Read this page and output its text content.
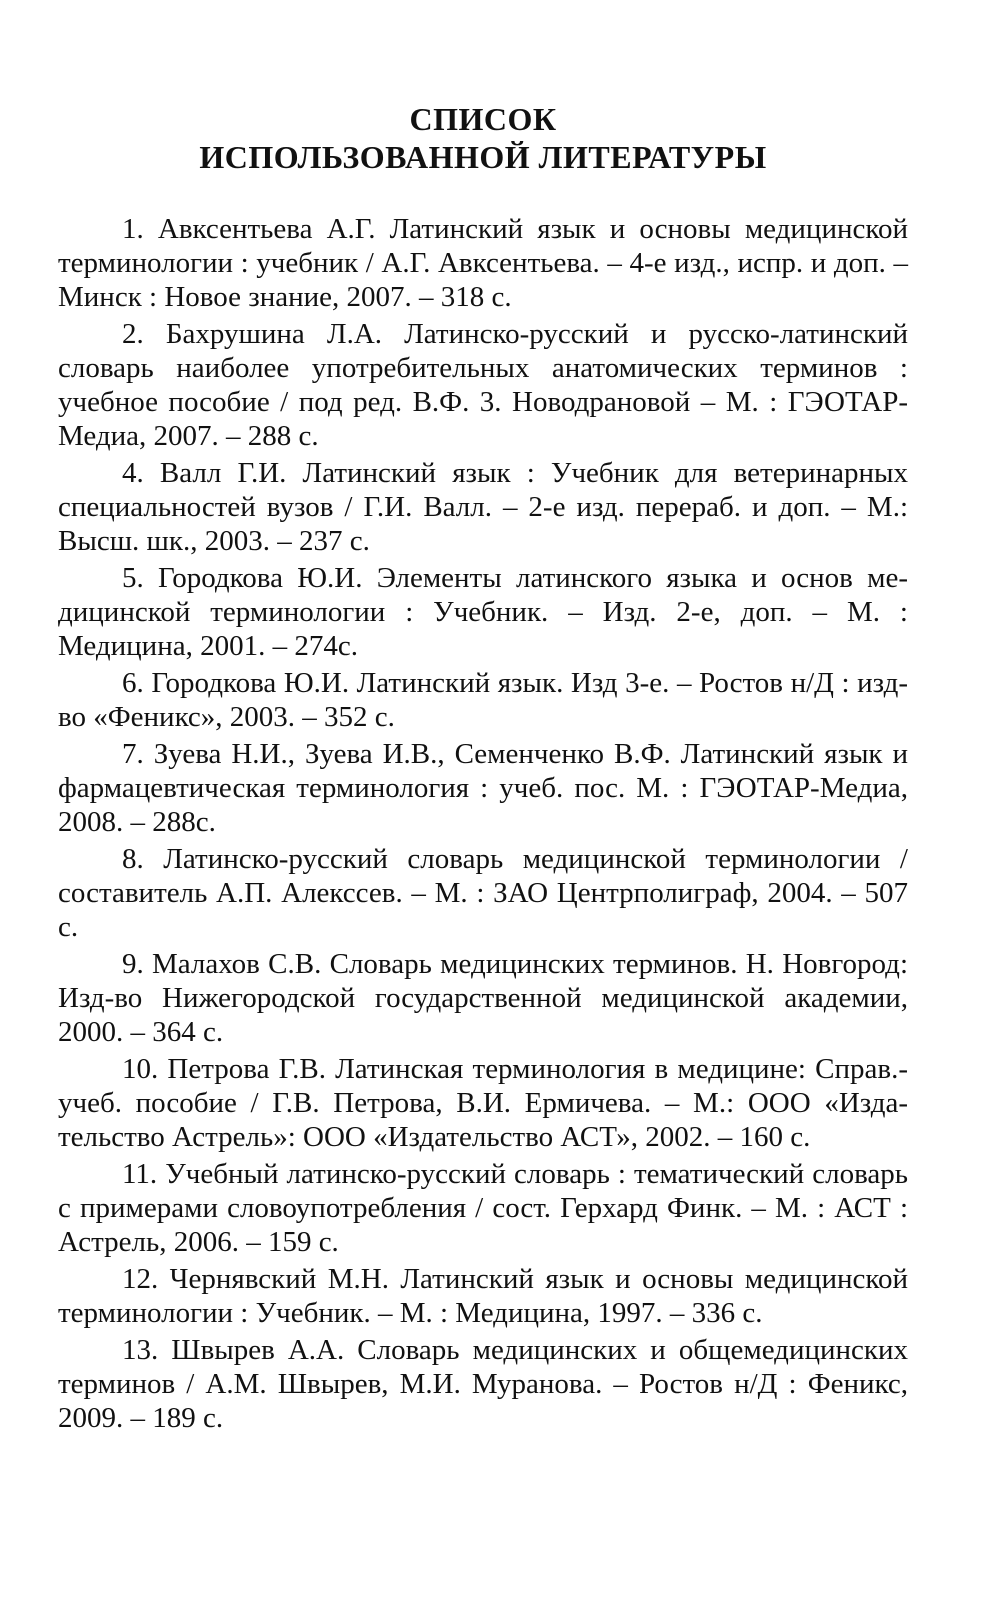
СПИСОК
ИСПОЛЬЗОВАННОЙ ЛИТЕРАТУРЫ
1. Авксентьева А.Г. Латинский язык и основы медицинской терминологии : учебник / А.Г. Авксентьева. – 4-е изд., испр. и доп. – Минск : Новое знание, 2007. – 318 с.
2. Бахрушина Л.А. Латинско-русский и русско-латинский словарь наиболее употребительных анатомических терминов : учебное пособие / под ред. В.Ф. 3. Новодрановой – М. : ГЭОТАР-Медиа, 2007. – 288 с.
4. Валл Г.И. Латинский язык : Учебник для ветеринарных специальностей вузов / Г.И. Валл. – 2-е изд. перераб. и доп. – М.: Высш. шк., 2003. – 237 с.
5. Городкова Ю.И. Элементы латинского языка и основ медицинской терминологии : Учебник. – Изд. 2-е, доп. – М. : Медицина, 2001. – 274с.
6. Городкова Ю.И. Латинский язык. Изд 3-е. – Ростов н/Д : изд-во «Феникс», 2003. – 352 с.
7. Зуева Н.И., Зуева И.В., Семенченко В.Ф. Латинский язык и фармацевтическая терминология : учеб. пос. М. : ГЭОТАР-Медиа, 2008. – 288с.
8. Латинско-русский словарь медицинской терминологии / составитель А.П. Алекссев. – М. : ЗАО Центрполиграф, 2004. – 507 с.
9. Малахов С.В. Словарь медицинских терминов. Н. Новгород: Изд-во Нижегородской государственной медицинской академии, 2000. – 364 с.
10. Петрова Г.В. Латинская терминология в медицине: Справ.-учеб. пособие / Г.В. Петрова, В.И. Ермичева. – М.: ООО «Издательство Астрель»: ООО «Издательство АСТ», 2002. – 160 с.
11. Учебный латинско-русский словарь : тематический словарь с примерами словоупотребления / сост. Герхард Финк. – М. : АСТ : Астрель, 2006. – 159 с.
12. Чернявский М.Н. Латинский язык и основы медицинской терминологии : Учебник. – М. : Медицина, 1997. – 336 с.
13. Швырев А.А. Словарь медицинских и общемедицинских терминов / А.М. Швырев, М.И. Муранова. – Ростов н/Д : Феникс, 2009. – 189 с.
